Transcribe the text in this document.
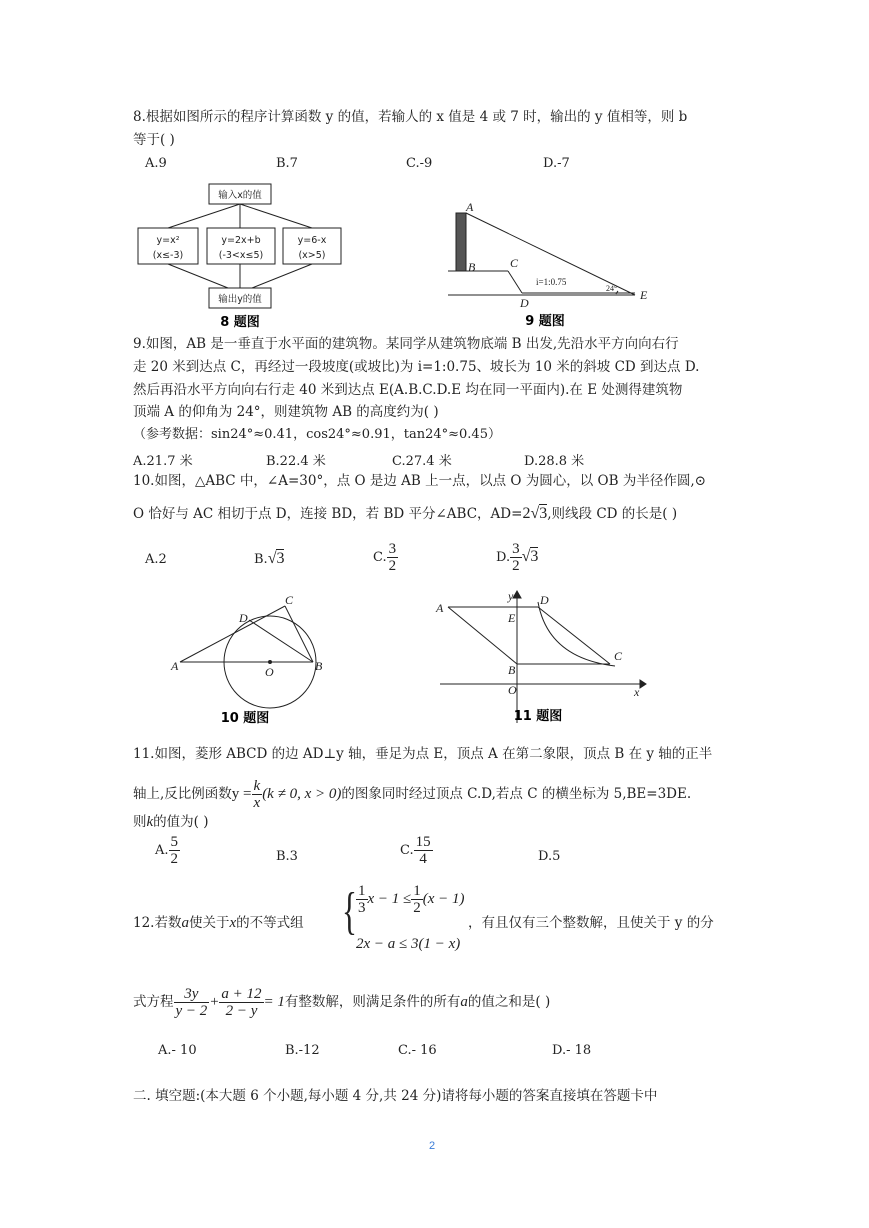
8.根据如图所示的程序计算函数 y 的值，若输人的 x 值是 4 或 7 时，输出的 y 值相等，则 b
等于( )
A.9	B.7	C.-9	D.-7
输入x的值
y=x²
(x≤-3)
y=2x+b
(-3<x≤5)
y=6-x
(x>5)
输出y的值
8 题图
A
B	C
D
E
i=1:0.75
24°
9 题图
9.如图，AB 是一垂直于水平面的建筑物。某同学从建筑物底端 B 出发,先沿水平方向向右行
走 20 米到达点 C，再经过一段坡度(或坡比)为 i=1:0.75、坡长为 10 米的斜坡 CD 到达点 D.
然后再沿水平方向向右行走 40 米到达点 E(A.B.C.D.E 均在同一平面内).在 E 处测得建筑物
顶端 A 的仰角为 24°，则建筑物 AB 的高度约为( )
（参考数据：sin24°≈0.41，cos24°≈0.91，tan24°≈0.45）
A.21.7 米	B.22.4 米	C.27.4 米	D.28.8 米
10.如图，△ABC 中，∠A=30°，点 O 是边 AB 上一点，以点 O 为圆心，以 OB 为半径作圆,⊙
O 恰好与 AC 相切于点 D，连接 BD，若 BD 平分∠ABC，AD=2√3,则线段 CD 的长是( )
A.2	B.√3	C. $\frac{3}{2}$	D. $\frac{3}{2} √3$
A	B
C
D
O
10 题图
A
B
C
D
E
O	x
y
11 题图
11.如图，菱形 ABCD 的边 AD⊥y 轴，垂足为点 E，顶点 A 在第二象限，顶点 B 在 y 轴的正半
轴上,反比例函数$y = \frac{k}{x} (k \ne 0$, x > 0)的图象同时经过顶点 C.D,若点 C 的横坐标为 5,BE=3DE.
则k的值为( )
A. $\frac{5}{2}$	B.3	C. $\frac{15}{4}$	D.5
12.若数a使关于x的不等式组 { $\frac{1}{3}$ $x - 1 \le \frac{1}{2} (x - 1)$
2x − a ≤ 3(1 − x)
，有且仅有三个整数解，且使关于 y 的分
式方程 $\frac{3y}{y - 2} + \frac{a + 12}{2 - y} = 1$有整数解，则满足条件的所有a的值之和是( )
A.- 10	B.-12	C.- 16	D.- 18
二. 填空题:(本大题 6 个小题,每小题 4 分,共 24 分)请将每小题的答案直接填在答题卡中
2
